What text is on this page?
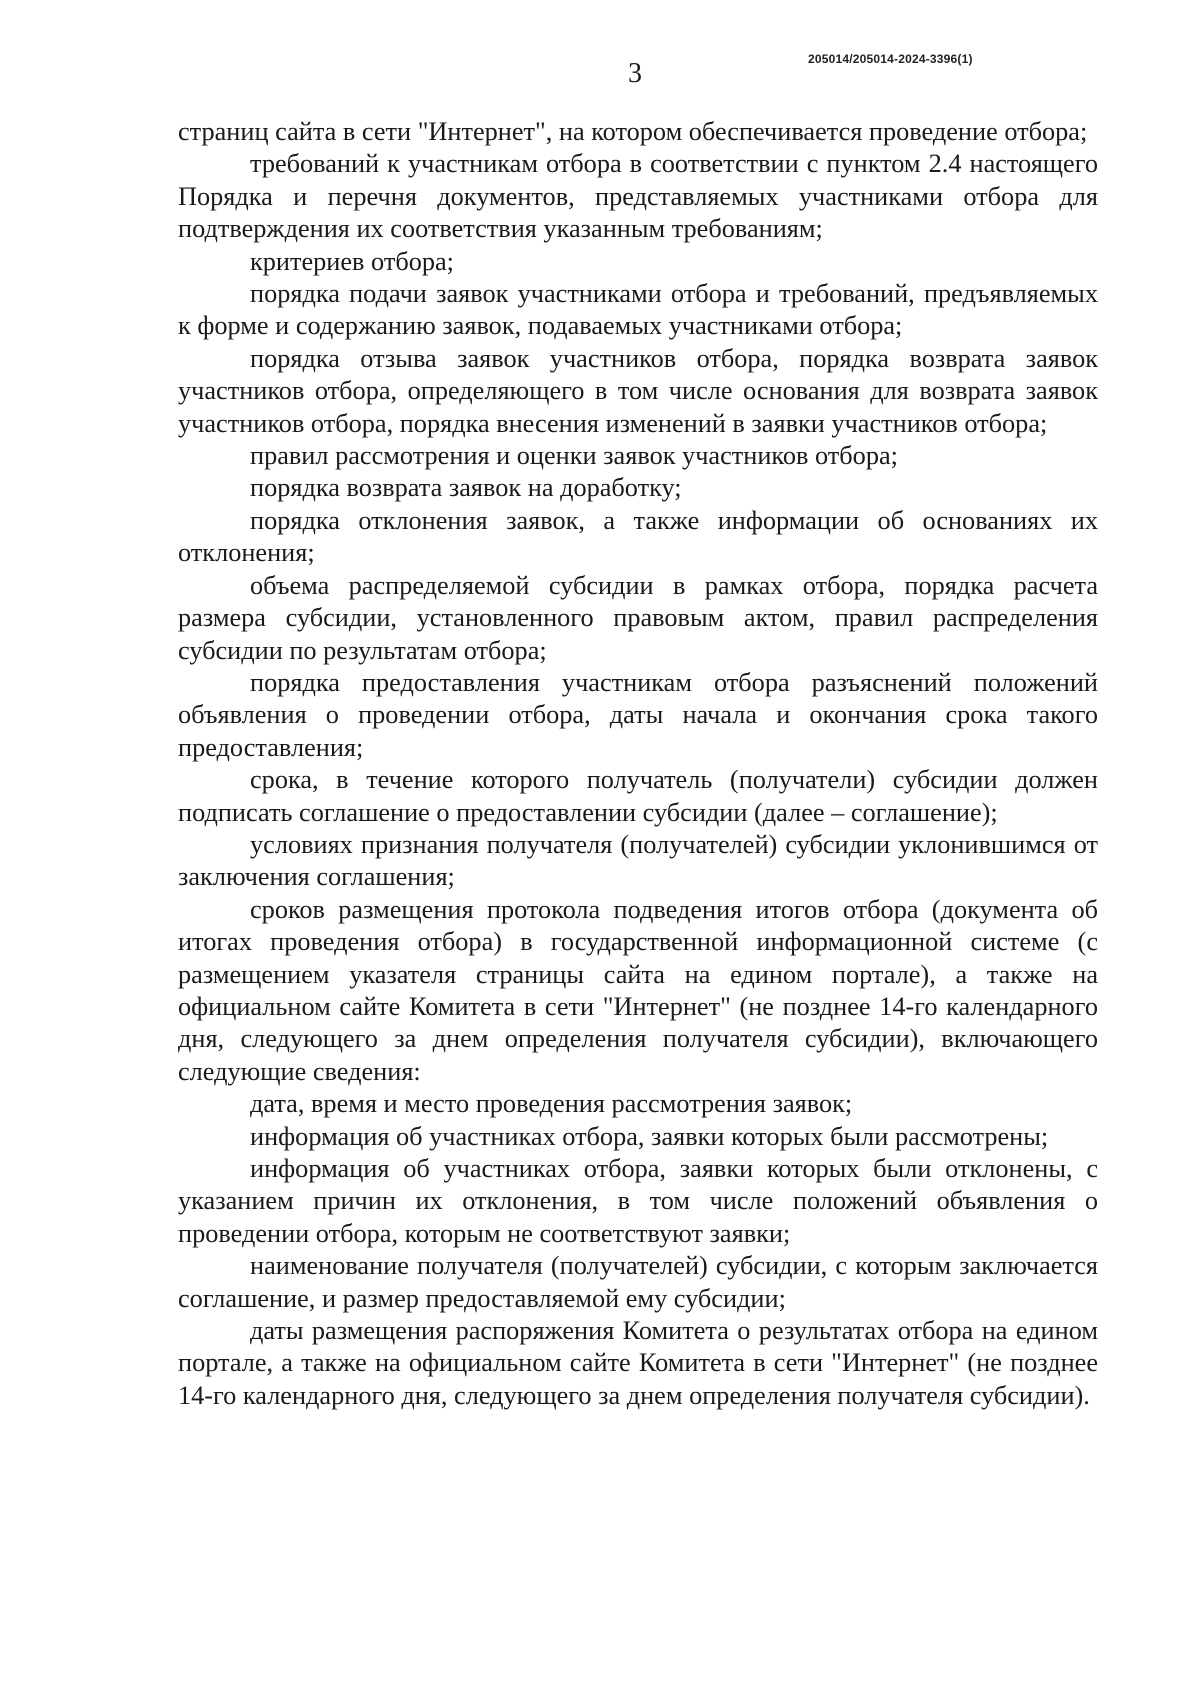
205014/205014-2024-3396(1)
3

страниц сайта в сети "Интернет", на котором обеспечивается проведение отбора;

требований к участникам отбора в соответствии с пунктом 2.4 настоящего Порядка и перечня документов, представляемых участниками отбора для подтверждения их соответствия указанным требованиям;

критериев отбора;

порядка подачи заявок участниками отбора и требований, предъявляемых к форме и содержанию заявок, подаваемых участниками отбора;

порядка отзыва заявок участников отбора, порядка возврата заявок участников отбора, определяющего в том числе основания для возврата заявок участников отбора, порядка внесения изменений в заявки участников отбора;

правил рассмотрения и оценки заявок участников отбора;

порядка возврата заявок на доработку;

порядка отклонения заявок, а также информации об основаниях их отклонения;

объема распределяемой субсидии в рамках отбора, порядка расчета размера субсидии, установленного правовым актом, правил распределения субсидии по результатам отбора;

порядка предоставления участникам отбора разъяснений положений объявления о проведении отбора, даты начала и окончания срока такого предоставления;

срока, в течение которого получатель (получатели) субсидии должен подписать соглашение о предоставлении субсидии (далее – соглашение);

условиях признания получателя (получателей) субсидии уклонившимся от заключения соглашения;

сроков размещения протокола подведения итогов отбора (документа об итогах проведения отбора) в государственной информационной системе (с размещением указателя страницы сайта на едином портале), а также на официальном сайте Комитета в сети "Интернет" (не позднее 14-го календарного дня, следующего за днем определения получателя субсидии), включающего следующие сведения:

дата, время и место проведения рассмотрения заявок;

информация об участниках отбора, заявки которых были рассмотрены;

информация об участниках отбора, заявки которых были отклонены, с указанием причин их отклонения, в том числе положений объявления о проведении отбора, которым не соответствуют заявки;

наименование получателя (получателей) субсидии, с которым заключается соглашение, и размер предоставляемой ему субсидии;

даты размещения распоряжения Комитета о результатах отбора на едином портале, а также на официальном сайте Комитета в сети "Интернет" (не позднее 14-го календарного дня, следующего за днем определения получателя субсидии).
